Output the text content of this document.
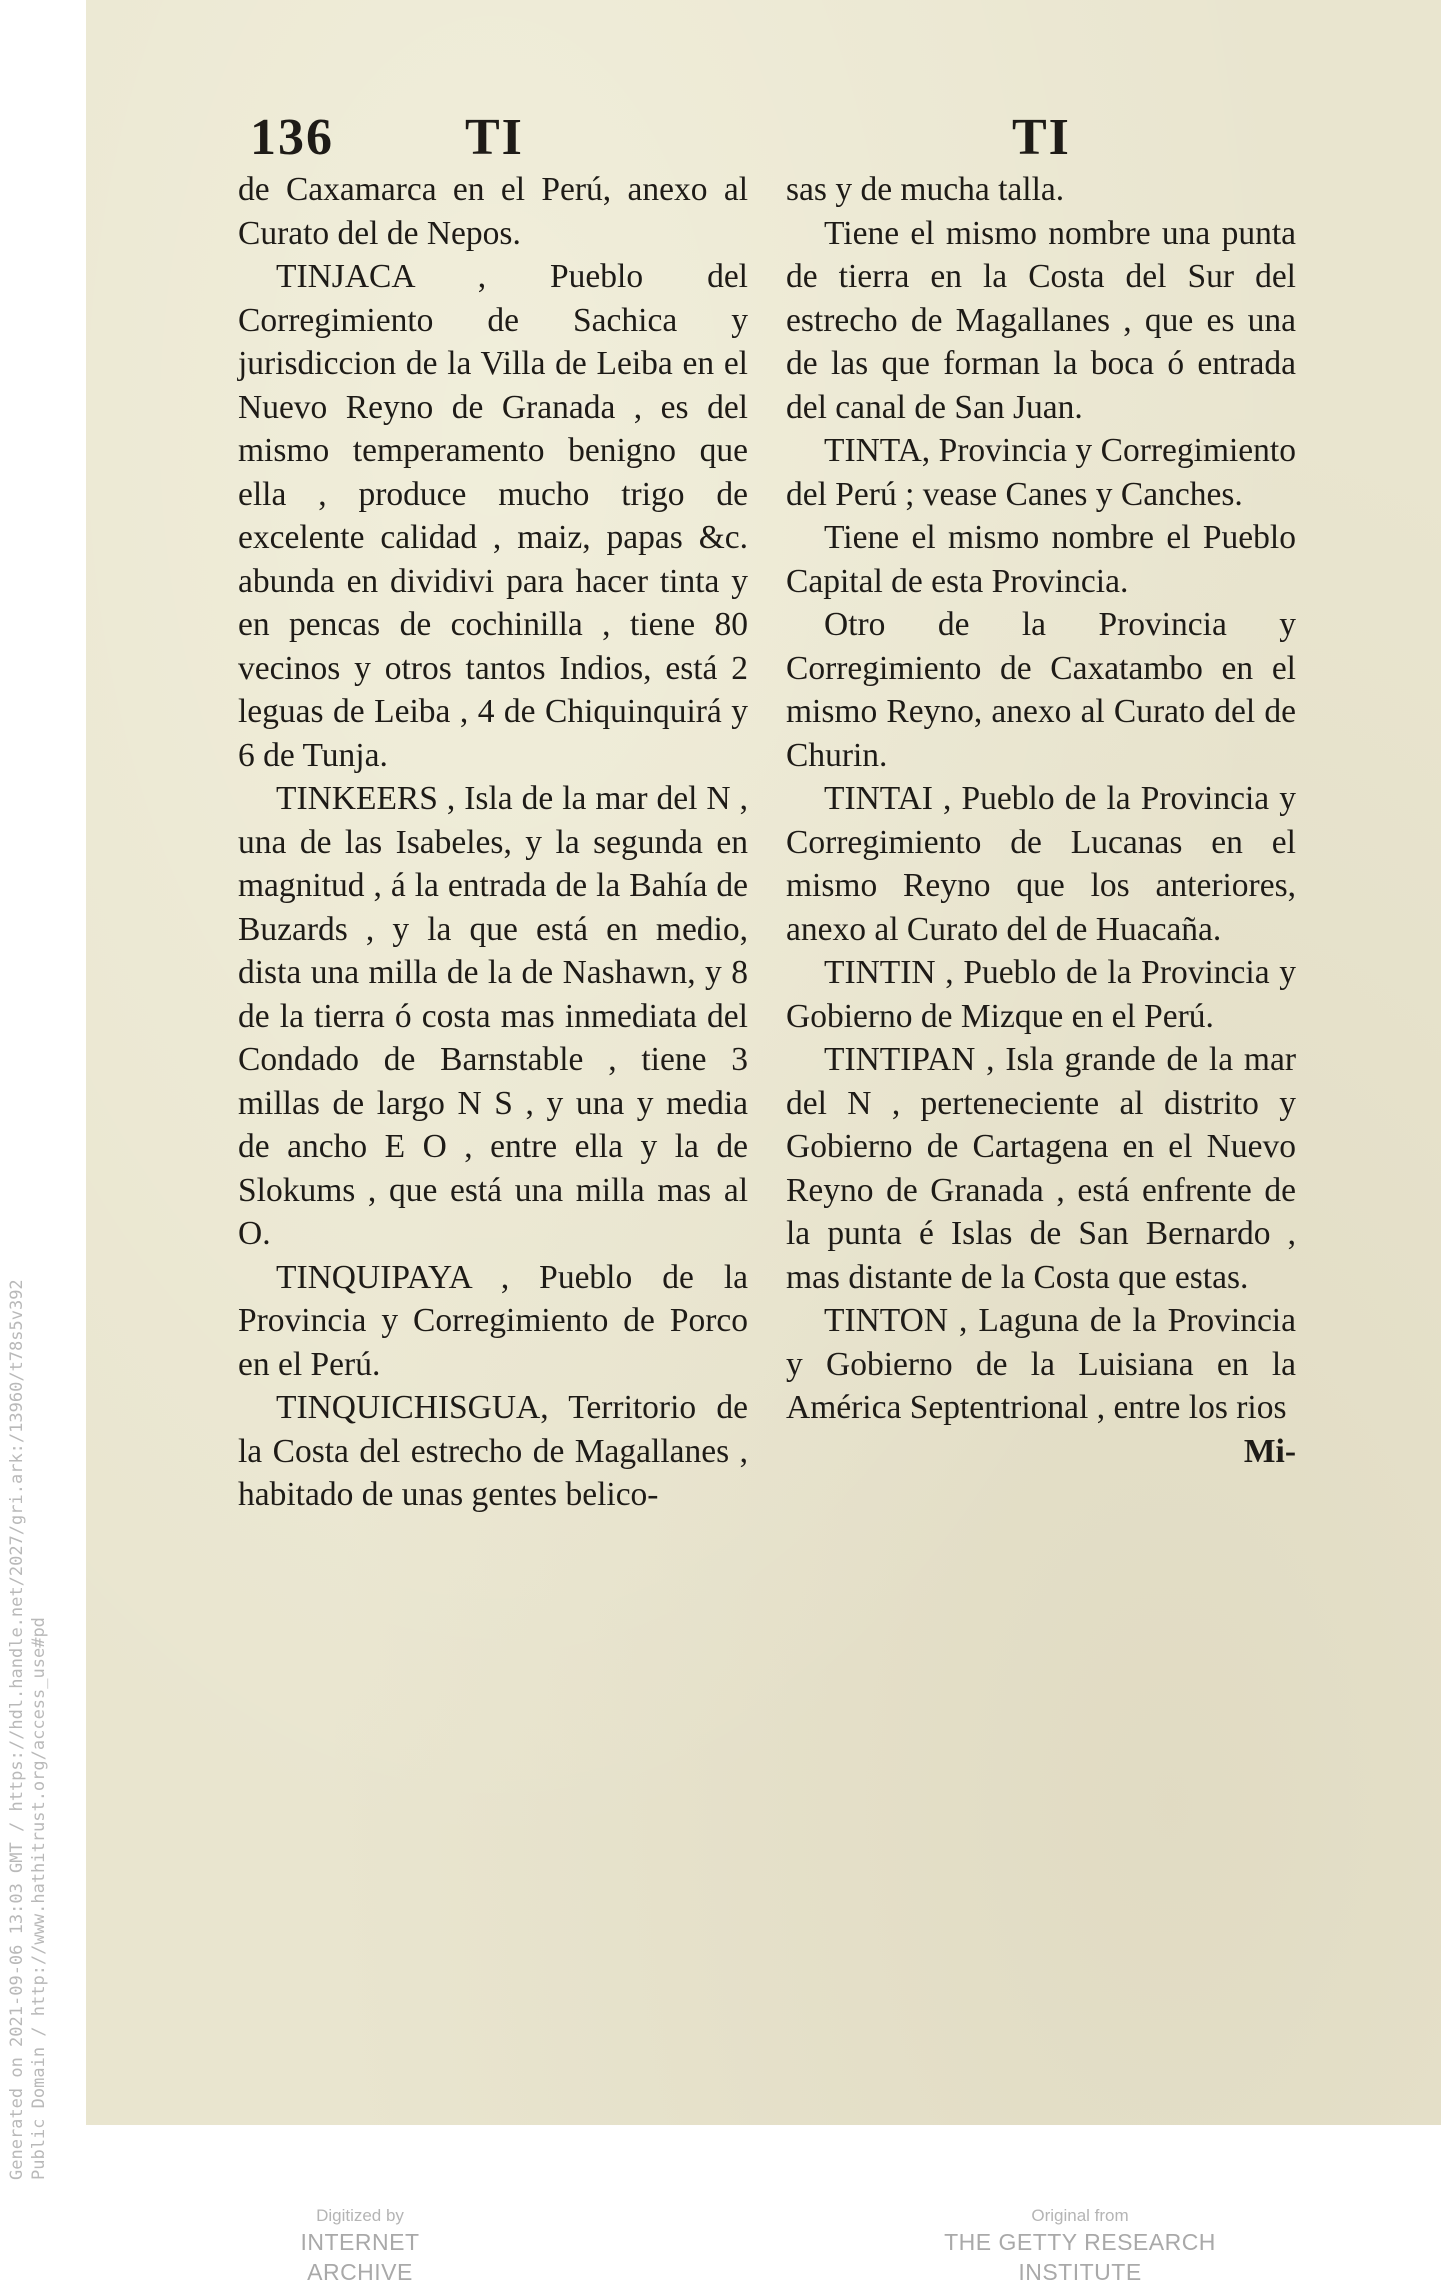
136	TI	TI

de Caxamarca en el Perú, anexo al Curato del de Nepos.

TINJACA , Pueblo del Corregimiento de Sachica y jurisdiccion de la Villa de Leiba en el Nuevo Reyno de Granada , es del mismo temperamento benigno que ella , produce mucho trigo de excelente calidad , maiz, papas &c. abunda en dividivi para hacer tinta y en pencas de cochinilla , tiene 80 vecinos y otros tantos Indios, está 2 leguas de Leiba , 4 de Chiquinquirá y 6 de Tunja.

TINKEERS , Isla de la mar del N , una de las Isabeles, y la segunda en magnitud , á la entrada de la Bahía de Buzards , y la que está en medio, dista una milla de la de Nashawn, y 8 de la tierra ó costa mas inmediata del Condado de Barnstable , tiene 3 millas de largo N S , y una y media de ancho E O , entre ella y la de Slokums , que está una milla mas al O.

TINQUIPAYA , Pueblo de la Provincia y Corregimiento de Porco en el Perú.

TINQUICHISGUA, Territorio de la Costa del estrecho de Magallanes , habitado de unas gentes belico-

sas y de mucha talla.

Tiene el mismo nombre una punta de tierra en la Costa del Sur del estrecho de Magallanes , que es una de las que forman la boca ó entrada del canal de San Juan.

TINTA, Provincia y Corregimiento del Perú ; vease Canes y Canches.

Tiene el mismo nombre el Pueblo Capital de esta Provincia.

Otro de la Provincia y Corregimiento de Caxatambo en el mismo Reyno, anexo al Curato del de Churin.

TINTAI , Pueblo de la Provincia y Corregimiento de Lucanas en el mismo Reyno que los anteriores, anexo al Curato del de Huacaña.

TINTIN , Pueblo de la Provincia y Gobierno de Mizque en el Perú.

TINTIPAN , Isla grande de la mar del N , perteneciente al distrito y Gobierno de Cartagena en el Nuevo Reyno de Granada , está enfrente de la punta é Islas de San Bernardo , mas distante de la Costa que estas.

TINTON , Laguna de la Provincia y Gobierno de la Luisiana en la América Septentrional , entre los rios

Mi-

Generated on 2021-09-06 13:03 GMT / https://hdl.handle.net/2027/gri.ark:/13960/t78s5v392 Public Domain / http://www.hathitrust.org/access_use#pd
Digitized by
INTERNET ARCHIVE
Original from
THE GETTY RESEARCH INSTITUTE
